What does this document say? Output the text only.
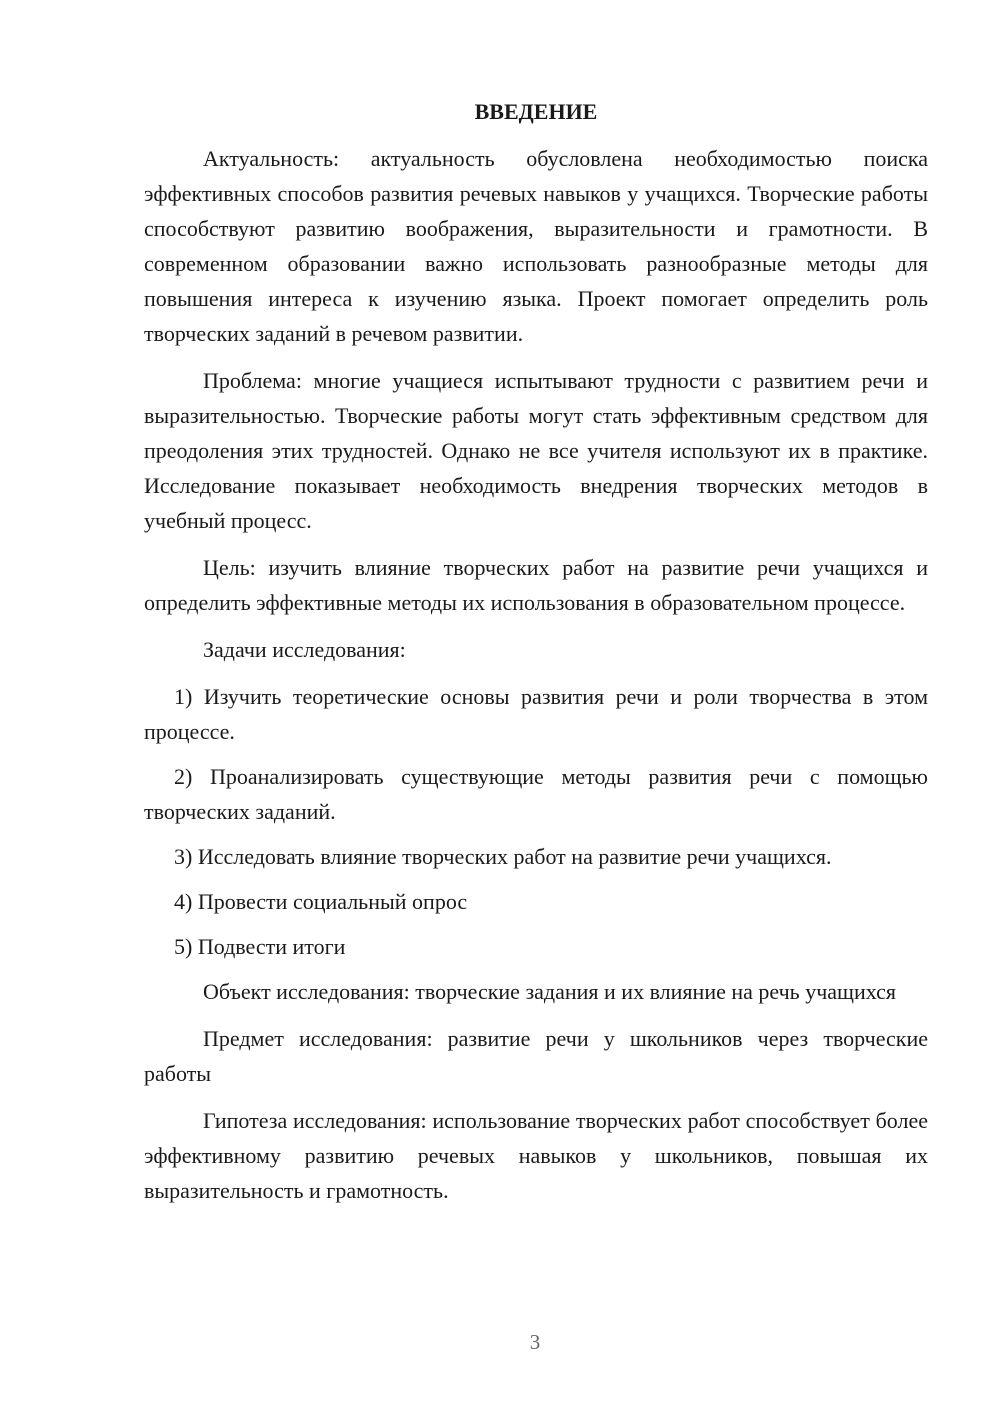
ВВЕДЕНИЕ

Актуальность: актуальность обусловлена необходимостью поиска эффективных способов развития речевых навыков у учащихся. Творческие работы способствуют развитию воображения, выразительности и грамотности. В современном образовании важно использовать разнообразные методы для повышения интереса к изучению языка. Проект помогает определить роль творческих заданий в речевом развитии.

Проблема: многие учащиеся испытывают трудности с развитием речи и выразительностью. Творческие работы могут стать эффективным средством для преодоления этих трудностей. Однако не все учителя используют их в практике. Исследование показывает необходимость внедрения творческих методов в учебный процесс.

Цель: изучить влияние творческих работ на развитие речи учащихся и определить эффективные методы их использования в образовательном процессе.

Задачи исследования:

1) Изучить теоретические основы развития речи и роли творчества в этом процессе.

2) Проанализировать существующие методы развития речи с помощью творческих заданий.

3) Исследовать влияние творческих работ на развитие речи учащихся.

4) Провести социальный опрос

5) Подвести итоги

Объект исследования: творческие задания и их влияние на речь учащихся

Предмет исследования: развитие речи у школьников через творческие работы

Гипотеза исследования: использование творческих работ способствует более эффективному развитию речевых навыков у школьников, повышая их выразительность и грамотность.

3
